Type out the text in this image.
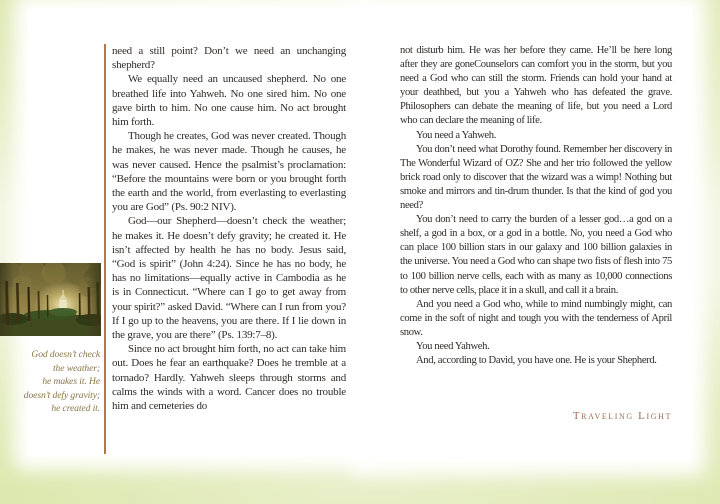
God doesn’t check
the weather;
he makes it. He
doesn’t defy gravity;
he created it.

need a still point? Don’t we need an unchanging shepherd?

We equally need an uncaused shepherd. No one breathed life into Yahweh. No one sired him. No one gave birth to him. No one cause him. No act brought him forth.

Though he creates, God was never created. Though he makes, he was never made. Though he causes, he was never caused. Hence the psalmist’s proclamation: “Before the mountains were born or you brought forth the earth and the world, from everlasting to everlasting you are God” (Ps. 90:2 NIV).

God—our Shepherd—doesn’t check the weather; he makes it. He doesn’t defy gravity; he created it. He isn’t affected by health he has no body. Jesus said, “God is spirit” (John 4:24). Since he has no body, he has no limitations—equally active in Cambodia as he is in Connecticut. “Where can I go to get away from your spirit?” asked David. “Where can I run from you? If I go up to the heavens, you are there. If I lie down in the grave, you are there” (Ps. 139:7–8).

Since no act brought him forth, no act can take him out. Does he fear an earthquake? Does he tremble at a tornado? Hardly. Yahweh sleeps through storms and calms the winds with a word. Cancer does no trouble him and cemeteries do

not disturb him. He was her before they came. He’ll be here long after they are goneCounselors can comfort you in the storm, but you need a God who can still the storm. Friends can hold your hand at your deathbed, but you a Yahweh who has defeated the grave. Philosophers can debate the meaning of life, but you need a Lord who can declare the meaning of life.

You need a Yahweh.

You don’t need what Dorothy found. Remember her discovery in The Wonderful Wizard of OZ? She and her trio followed the yellow brick road only to discover that the wizard was a wimp! Nothing but smoke and mirrors and tin-drum thunder. Is that the kind of god you need?

You don’t need to carry the burden of a lesser god…a god on a shelf, a god in a box, or a god in a bottle. No, you need a God who can place 100 billion stars in our galaxy and 100 billion galaxies in the universe. You need a God who can shape two fists of flesh into 75 to 100 billion nerve cells, each with as many as 10,000 connections to other nerve cells, place it in a skull, and call it a brain.

And you need a God who, while to mind numbingly might, can come in the soft of night and tough you with the tenderness of April snow.

You need Yahweh.

And, according to David, you have one. He is your Shepherd.

Traveling Light
